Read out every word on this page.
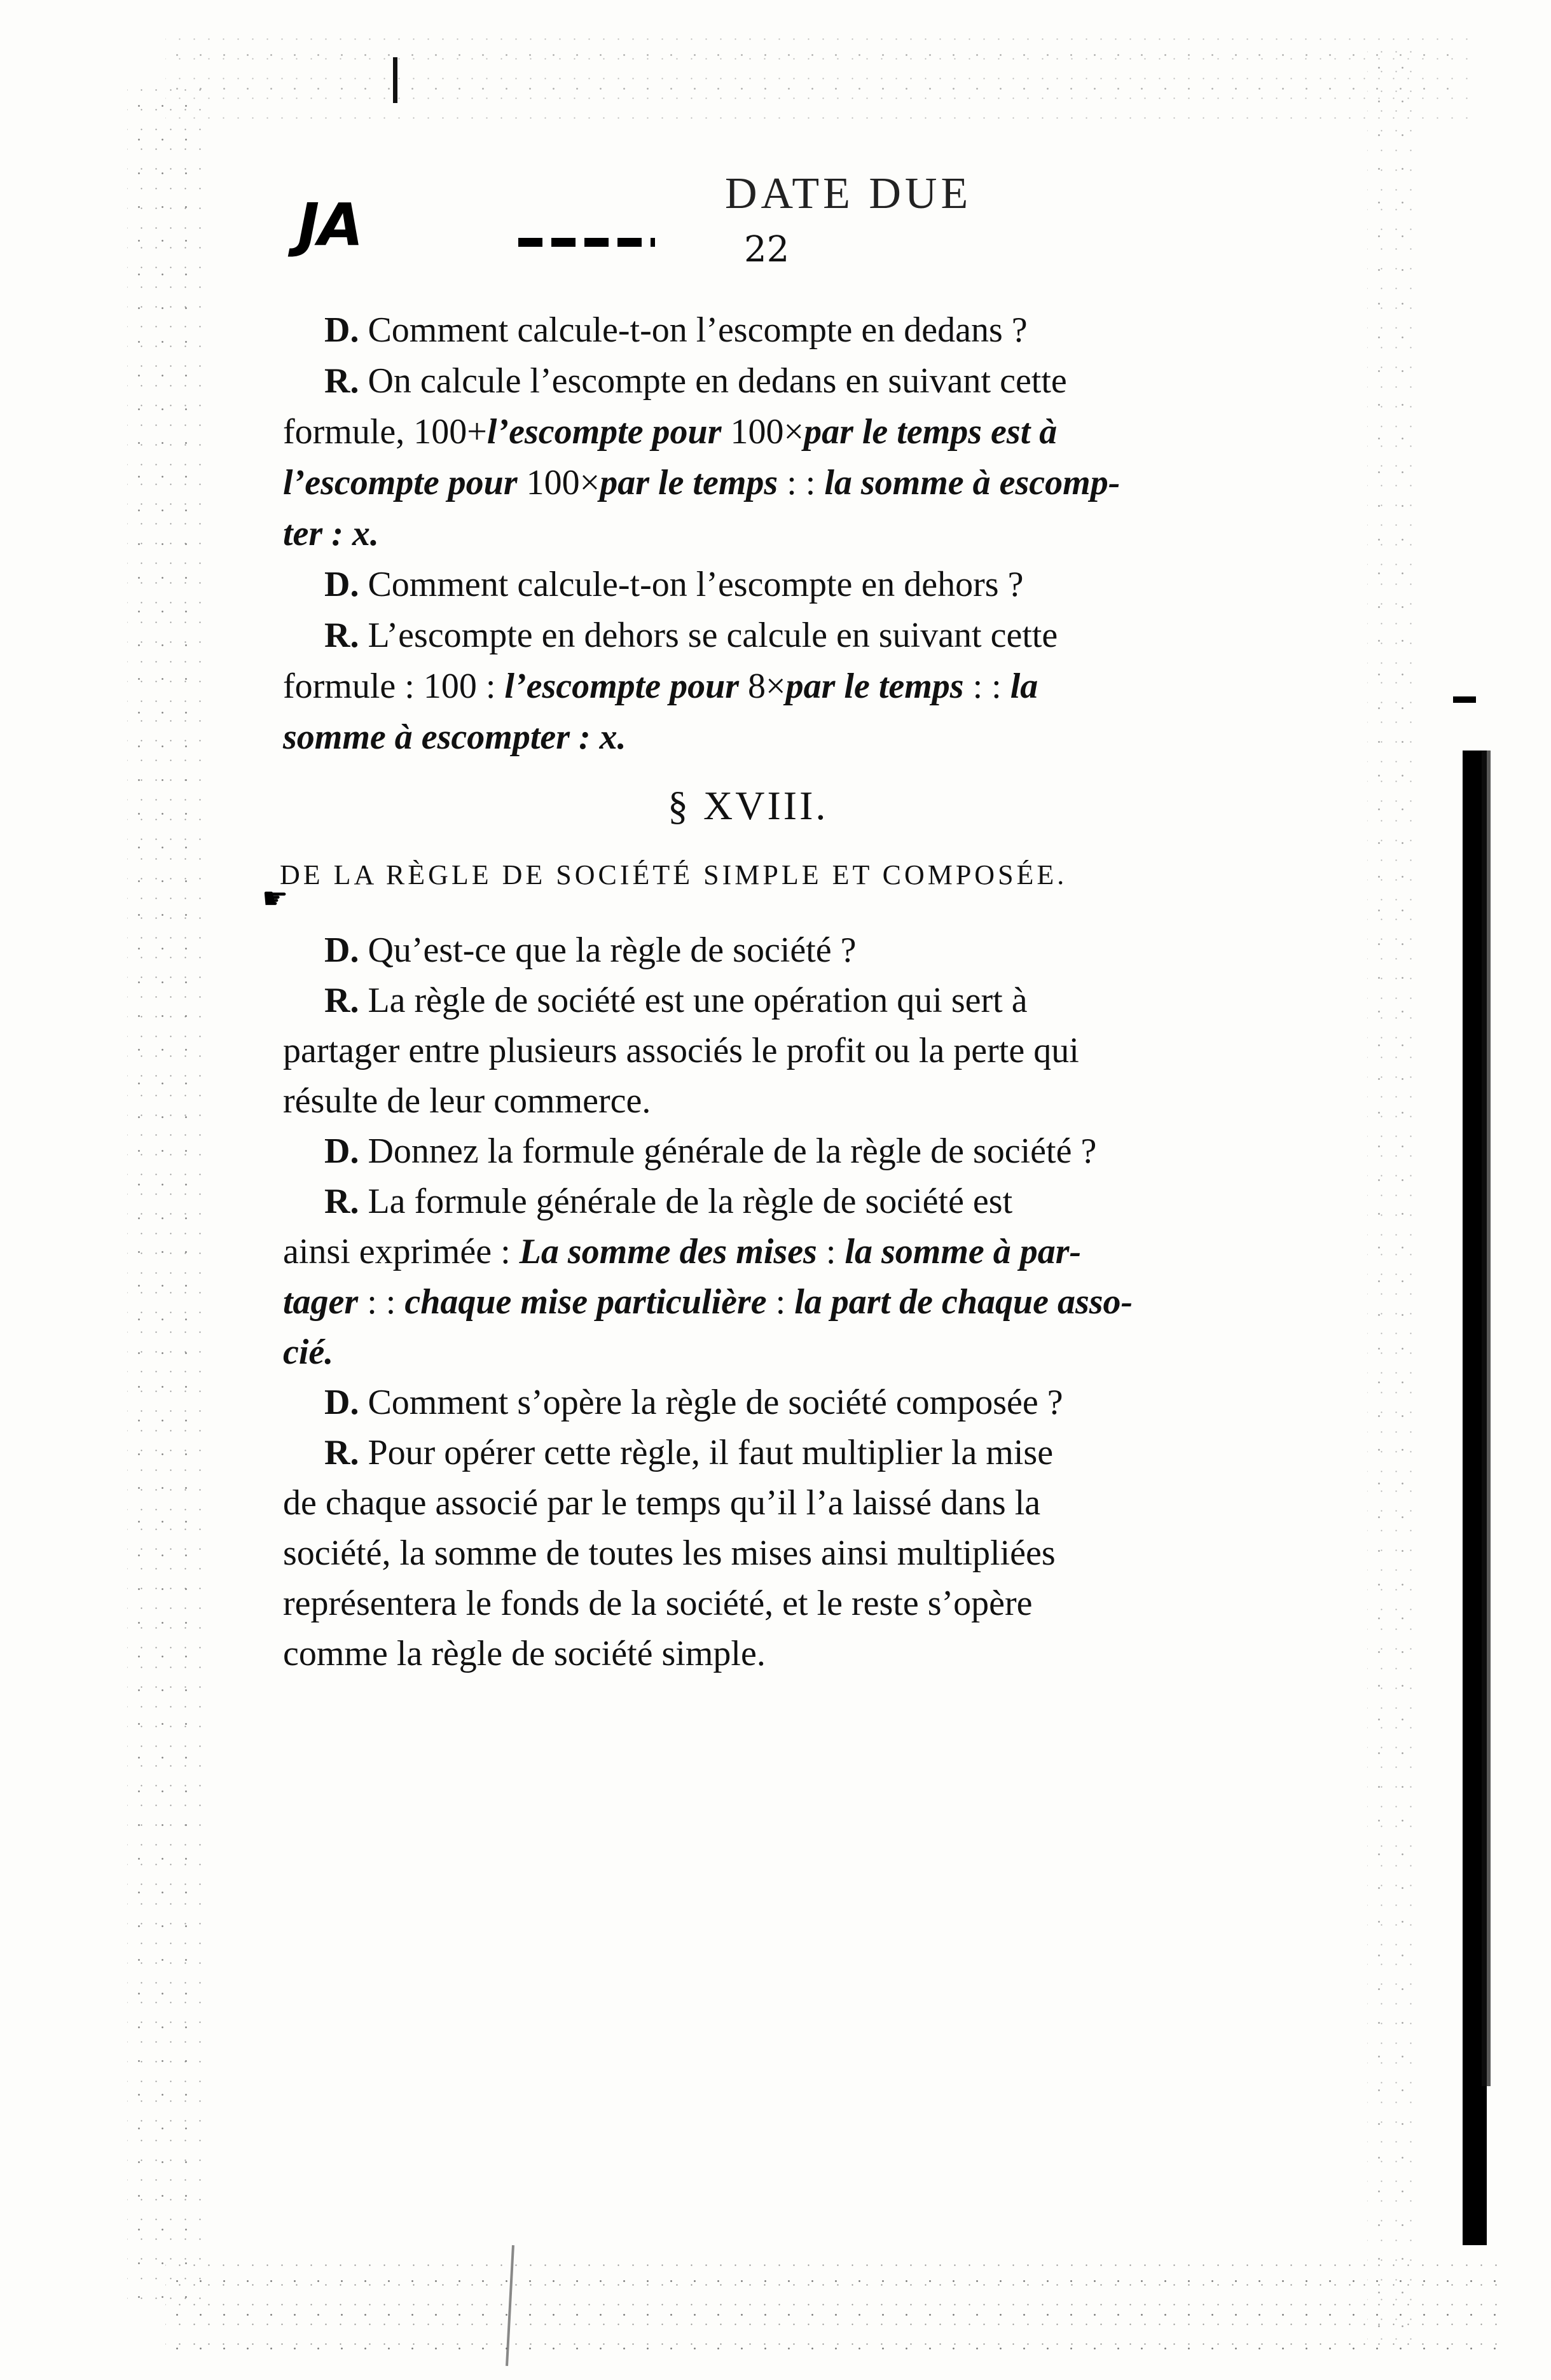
JA	DATE DUE
22
☛
§ XVIII.
DE LA RÈGLE DE SOCIÉTÉ SIMPLE ET COMPOSÉE.
D. Comment calcule-t-on l’escompte en dedans ?
R. On calcule l’escompte en dedans en suivant cette
formule, 100+l’escompte pour 100×par le temps est à
l’escompte pour 100×par le temps : : la somme à escomp-
ter : x.
D. Comment calcule-t-on l’escompte en dehors ?
R. L’escompte en dehors se calcule en suivant cette
formule : 100 : l’escompte pour 8×par le temps : : la
somme à escompter : x.
D. Qu’est-ce que la règle de société ?
R. La règle de société est une opération qui sert à
partager entre plusieurs associés le profit ou la perte qui
résulte de leur commerce.
D. Donnez la formule générale de la règle de société ?
R. La formule générale de la règle de société est
ainsi exprimée : La somme des mises : la somme à par-
tager : : chaque mise particulière : la part de chaque asso-
cié.
D. Comment s’opère la règle de société composée ?
R. Pour opérer cette règle, il faut multiplier la mise
de chaque associé par le temps qu’il l’a laissé dans la
société, la somme de toutes les mises ainsi multipliées
représentera le fonds de la société, et le reste s’opère
comme la règle de société simple.
